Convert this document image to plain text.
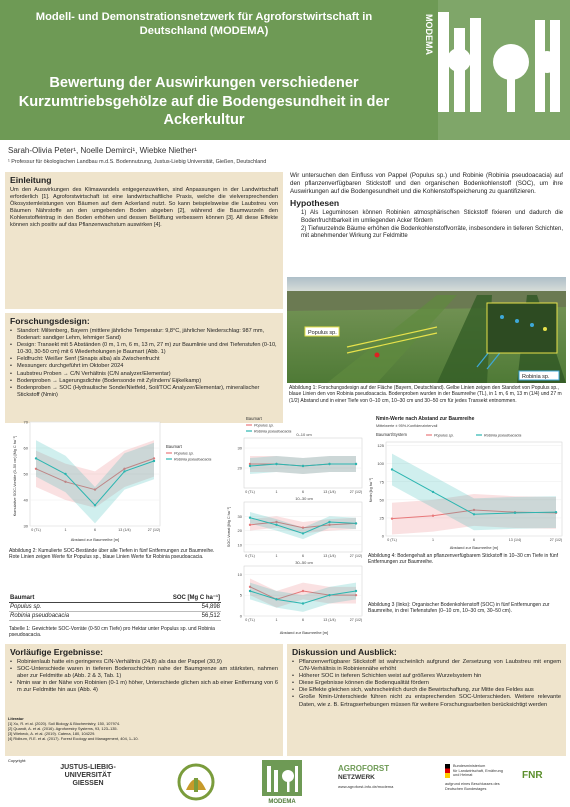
Modell- und Demonstrationsnetzwerk für Agroforstwirtschaft in Deutschland (MODEMA)
Bewertung der Auswirkungen verschiedener Kurzumtriebsgehölze auf die Bodengesundheit in der Ackerkultur
MODEMA
Sarah-Olivia Peter¹, Noelle Demirci¹, Wiebke Niether¹
¹ Professur für ökologischen Landbau m.d.S. Bodennutzung, Justus-Liebig Universität, Gießen, Deutschland
Einleitung

Um den Auswirkungen des Klimawandels entgegenzuwirken, sind Anpassungen in der Landwirtschaft erforderlich [1]. Agroforstwirtschaft ist eine landwirtschaftliche Praxis, welche die vielversprechenden Ökosystemleistungen von Bäumen auf dem Ackerland nutzt. So kann beispielsweise die Laubstreu von Bäumen Nährstoffe an den umgebenden Boden abgeben [2], während die Baumwurzeln den Kohlenstoffeintrag in den Boden erhöhen und dessen Belüftung verbessern können [3]. All diese Effekte können sich positiv auf das Pflanzenwachstum auswirken [4].

Forschungsdesign:
• Standort: Miltenberg, Bayern (mittlere jährliche Temperatur: 9,8°C, jährlicher Niederschlag: 987 mm, Bodenart: sandiger Lehm, lehmiger Sand)
• Design: Transekt mit 5 Abständen (0 m, 1 m, 6 m, 13 m, 27 m) zur Baumlinie und drei Tiefenstufen (0-10, 10-30, 30-50 cm) mit 6 Wiederholungen je Baumart (Abb. 1)
• Feldfrucht: Weißer Senf (Sinapis alba) als Zwischenfrucht
• Messungen: durchgeführt im Oktober 2024
• Laubstreu Proben → C/N Verhältnis (C/N analyzer/Elementar)
• Bodenproben → Lagerungsdichte (Bodensonde mit Zylindern/ Eijkelkamp)
• Bodenproben → SOC (Hydraulische Sonde/Nietfeld, Soil/TOC Analyzer/Elementar), mineralischer Stickstoff (Nmin)

Wir untersuchen den Einfluss von Pappel (Populus sp.) und Robinie (Robinia pseudoacacia) auf den pflanzenverfügbaren Stickstoff und den organischen Bodenkohlenstoff (SOC), um ihre Auswirkungen auf die Bodengesundheit und die Kohlenstoffspeicherung zu quantifizieren.

Hypothesen
1) Als Leguminosen können Robinien atmosphärischen Stickstoff fixieren und dadurch die Bodenfruchtbarkeit im umliegenden Acker fördern
2) Tiefwurzelnde Bäume erhöhen die Bodenkohlenstoffvorräte, insbesondere in tieferen Schichten, mit abnehmender Wirkung zur Feldmitte
Populus sp.
Robinia sp.
Abbildung 1: Forschungsdesign auf der Fläche (Bayern, Deutschland). Gelbe Linien zeigen den Standort von Populus sp., blaue Linien den von Robinia pseudoacacia. Bodenproben wurden in der Baumreihe (TL), in 1 m, 6 m, 13 m (1/4) und 27 m (1/2) Abstand und in einer Tiefe von 0–10 cm, 10–30 cm und 30–50 cm für jedes Transekt entnommen.
30
40
50
60
70
0 (TL)	1	6	13 (1/4)	27 (1/2)
Kumulative SOC-Vorräte (0–50 cm) [Mg C ha⁻¹]
Abstand zur Baumreihe [m]
Baumart
Populus sp.
Robinia pseudoacacia
Abbildung 2: Kumulierte SOC-Bestände über alle Tiefen in fünf Entfernungen zur Baumreihe. Rote Linien zeigen Werte für Populus sp., blaue Linien Werte für Robinia pseudoacacia.
Baumart	SOC [Mg C ha⁻¹]
Populus sp.	54,898
Robinia pseudoacacia	56,512
Tabelle 1: Gewichtete SOC-Vorräte (0-50 cm Tiefe) pro Hektar unter Populus sp. und Robinia pseudoacacia.
Baumart
Populus sp.
Robinia pseudoacacia
0–10 cm
20
30
0 (TL)	1	6	13 (1/4)	27 (1/2)
10–30 cm
10
20
30
0 (TL)	1	6	13 (1/4)	27 (1/2)
30–50 cm
0
5
10
0 (TL)	1	6	13 (1/4)	27 (1/2)
SOC-Vorrat [Mg C ha⁻¹]
Abstand zur Baumreihe [m]
Nmin-Werte nach Abstand zur Baumreihe
Mittelwerte ± 95%-Konfidenzintervall
Baumart/System	Populus sp.	Robinia pseudoacacia
0
25
50
75
100
125
0 (TL)	1	6	13 (1/4)	27 (1/2)
Nmin [kg ha⁻¹]
Abstand zur Baumreihe [m]
Abbildung 4: Bodengehalt an pflanzenverfügbarem Stickstoff in 10–30 cm Tiefe in fünf Entfernungen zur Baumreihe.
Abbildung 3 (links): Organischer Bodenkohlenstoff (SOC) in fünf Entfernungen zur Baumreihe, in drei Tiefenstufen (0–10 cm, 10–30 cm, 30–50 cm).
Vorläufige Ergebnisse:
• Robinienlaub hatte ein geringeres C/N-Verhältnis (24,8) als das der Pappel (30,9)
• SOC-Unterschiede waren in tieferen Bodenschichten nahe der Baumgrenze am stärksten, nahmen aber zur Feldmitte ab (Abb. 2 & 3, Tab. 1)
• Nmin war in der Nähe von Robinien (0-1 m) höher, Unterschiede glichen sich ab einer Entfernung von 6 m zur Feldmitte hin aus (Abb. 4)
Literatur
[1] Xu, R. et al. (2020). Soil Biology & Biochemistry, 150, 107974.
[2] Quandt, A. et al. (2016). Agroforestry Systems, 93, 123–135.
[3] Wiebeck, A. et al. (2019). Catena, 180, 104229.
[4] Ridburn, R.E. et al. (2017). Forest Ecology and Management, 404, 1–10.
Diskussion und Ausblick:
• Pflanzenverfügbarer Stickstoff ist wahrscheinlich aufgrund der Zersetzung von Laubstreu mit engem C/N-Verhältnis in Robiniennähe erhöht
• Höherer SOC in tieferen Schichten weist auf größeres Wurzelsystem hin
• Diese Ergebnisse können die Bodenqualität fördern
• Die Effekte gleichen sich, wahrscheinlich durch die Bewirtschaftung, zur Mitte des Feldes aus
• Große Nmin-Unterschiede führen nicht zu entsprechenden SOC-Unterschieden. Weitere relevante Daten, wie z. B. Ertragserhebungen müssen für weitere Forschungsarbeiten berücksichtigt werden
Copyright:
JUSTUS-LIEBIG-
UNIVERSITÄT
GIESSEN
MODEMA
AGROFORST
NETZWERK
www.agroforst-info.de/modema
Bundesministerium
für Landwirtschaft, Ernährung
und Heimat
aufgrund eines Beschlusses des Deutschen Bundestages
FNR
